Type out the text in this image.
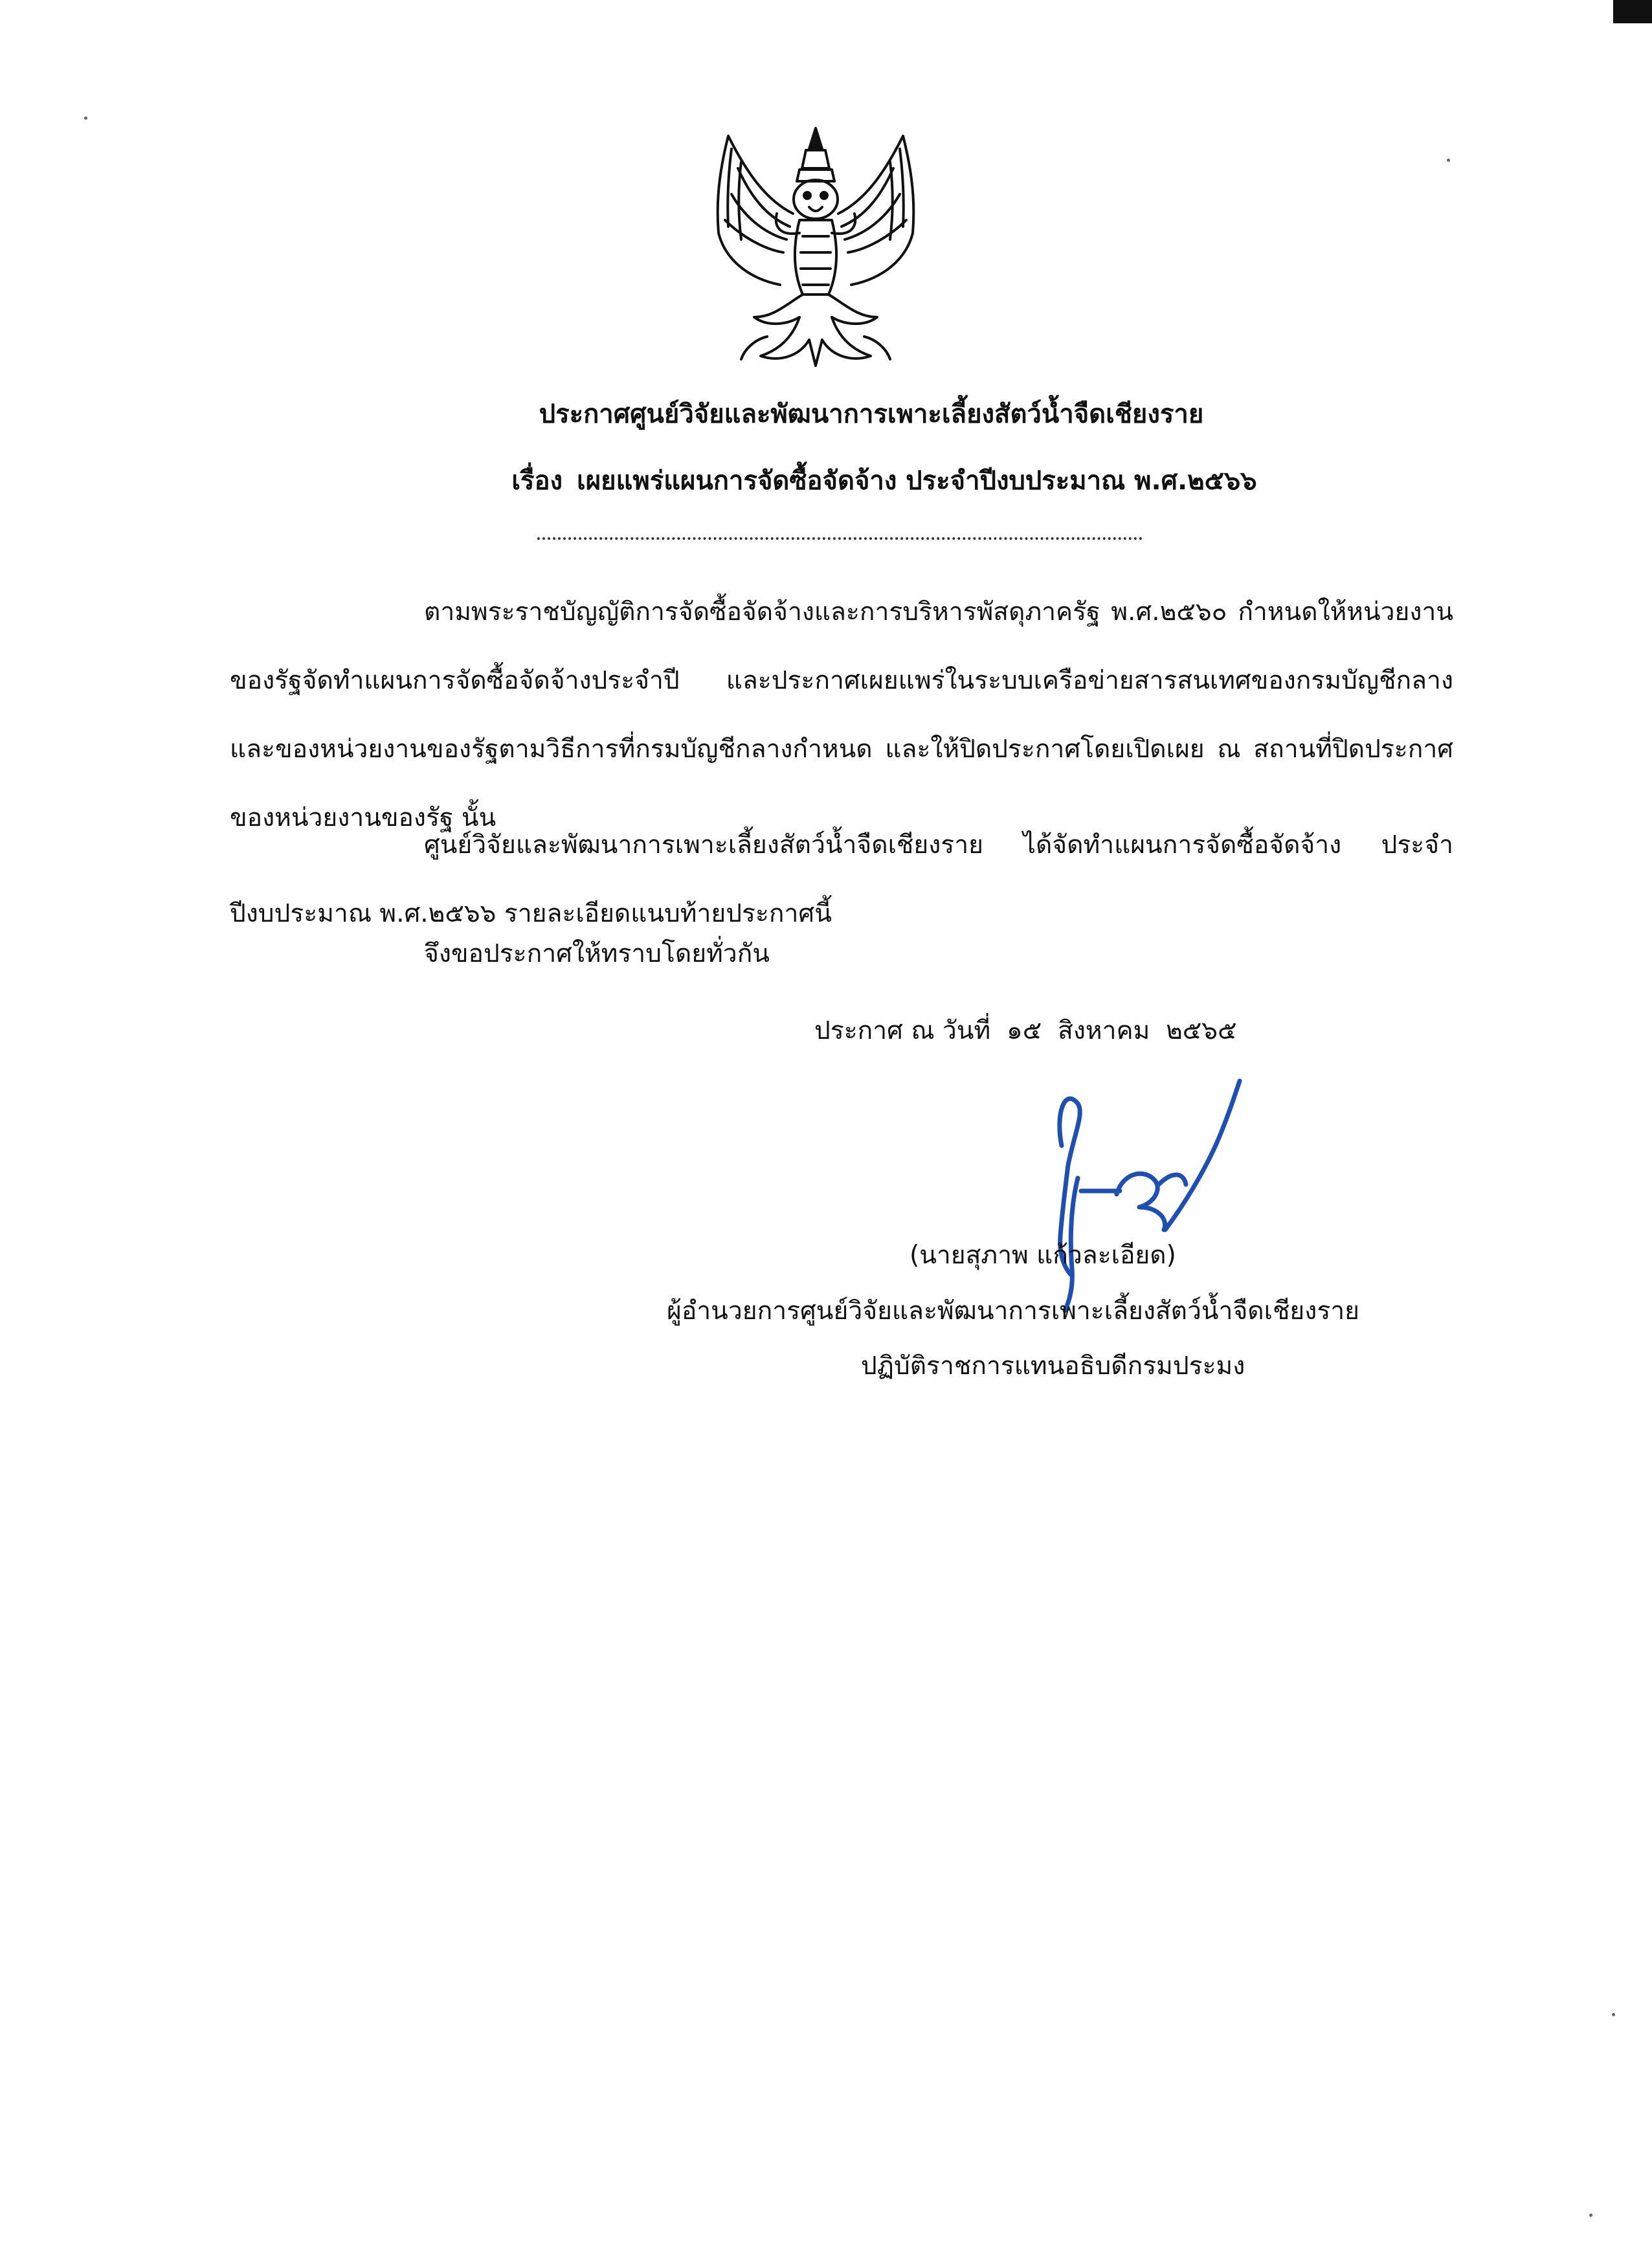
ประกาศศูนย์วิจัยและพัฒนาการเพาะเลี้ยงสัตว์น้ำจืดเชียงราย
เรื่อง เผยแพร่แผนการจัดซื้อจัดจ้าง ประจำปีงบประมาณ พ.ศ.๒๕๖๖
ตามพระราชบัญญัติการจัดซื้อจัดจ้างและการบริหารพัสดุภาครัฐ พ.ศ.๒๕๖๐ กำหนดให้หน่วยงานของรัฐจัดทำแผนการจัดซื้อจัดจ้างประจำปี และประกาศเผยแพร่ในระบบเครือข่ายสารสนเทศของกรมบัญชีกลางและของหน่วยงานของรัฐตามวิธีการที่กรมบัญชีกลางกำหนด และให้ปิดประกาศโดยเปิดเผย ณ สถานที่ปิดประกาศของหน่วยงานของรัฐ นั้น
ศูนย์วิจัยและพัฒนาการเพาะเลี้ยงสัตว์น้ำจืดเชียงราย ได้จัดทำแผนการจัดซื้อจัดจ้าง ประจำปีงบประมาณ พ.ศ.๒๕๖๖ รายละเอียดแนบท้ายประกาศนี้
จึงขอประกาศให้ทราบโดยทั่วกัน
ประกาศ ณ วันที่  ๑๕  สิงหาคม  ๒๕๖๕
(นายสุภาพ แก้วละเอียด)
ผู้อำนวยการศูนย์วิจัยและพัฒนาการเพาะเลี้ยงสัตว์น้ำจืดเชียงราย
ปฏิบัติราชการแทนอธิบดีกรมประมง
